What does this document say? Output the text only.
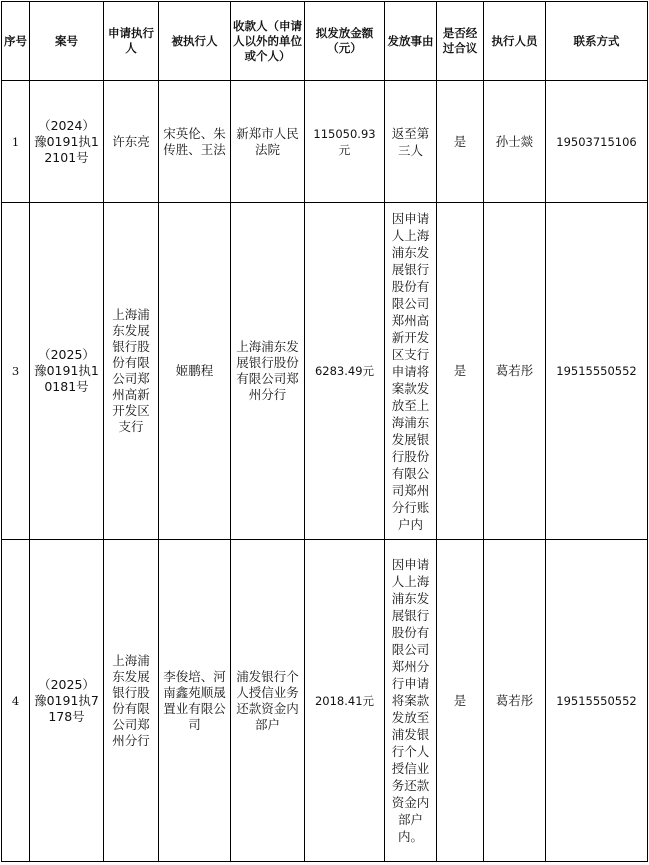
序号	案号	申请执行人	被执行人	收款人（申请人以外的单位或个人）	拟发放金额（元）	发放事由	是否经过合议	执行人员	联系方式
1	（2024）豫0191执12101号	许东亮	宋英伦、朱传胜、王法	新郑市人民法院	115050.93元	返至第三人	是	孙士燚	19503715106
3	（2025）豫0191执10181号	上海浦东发展银行股份有限公司郑州高新开发区支行	姬鹏程	上海浦东发展银行股份有限公司郑州分行	6283.49元	因申请人上海浦东发展银行股份有限公司郑州高新开发区支行申请将案款发放至上海浦东发展银行股份有限公司郑州分行账户内	是	葛若彤	19515550552
4	（2025）豫0191执7178号	上海浦东发展银行股份有限公司郑州分行	李俊培、河南鑫苑顺晟置业有限公司	浦发银行个人授信业务还款资金内部户	2018.41元	因申请人上海浦东发展银行股份有限公司郑州分行申请将案款发放至浦发银行个人授信业务还款资金内部户内。	是	葛若彤	19515550552
